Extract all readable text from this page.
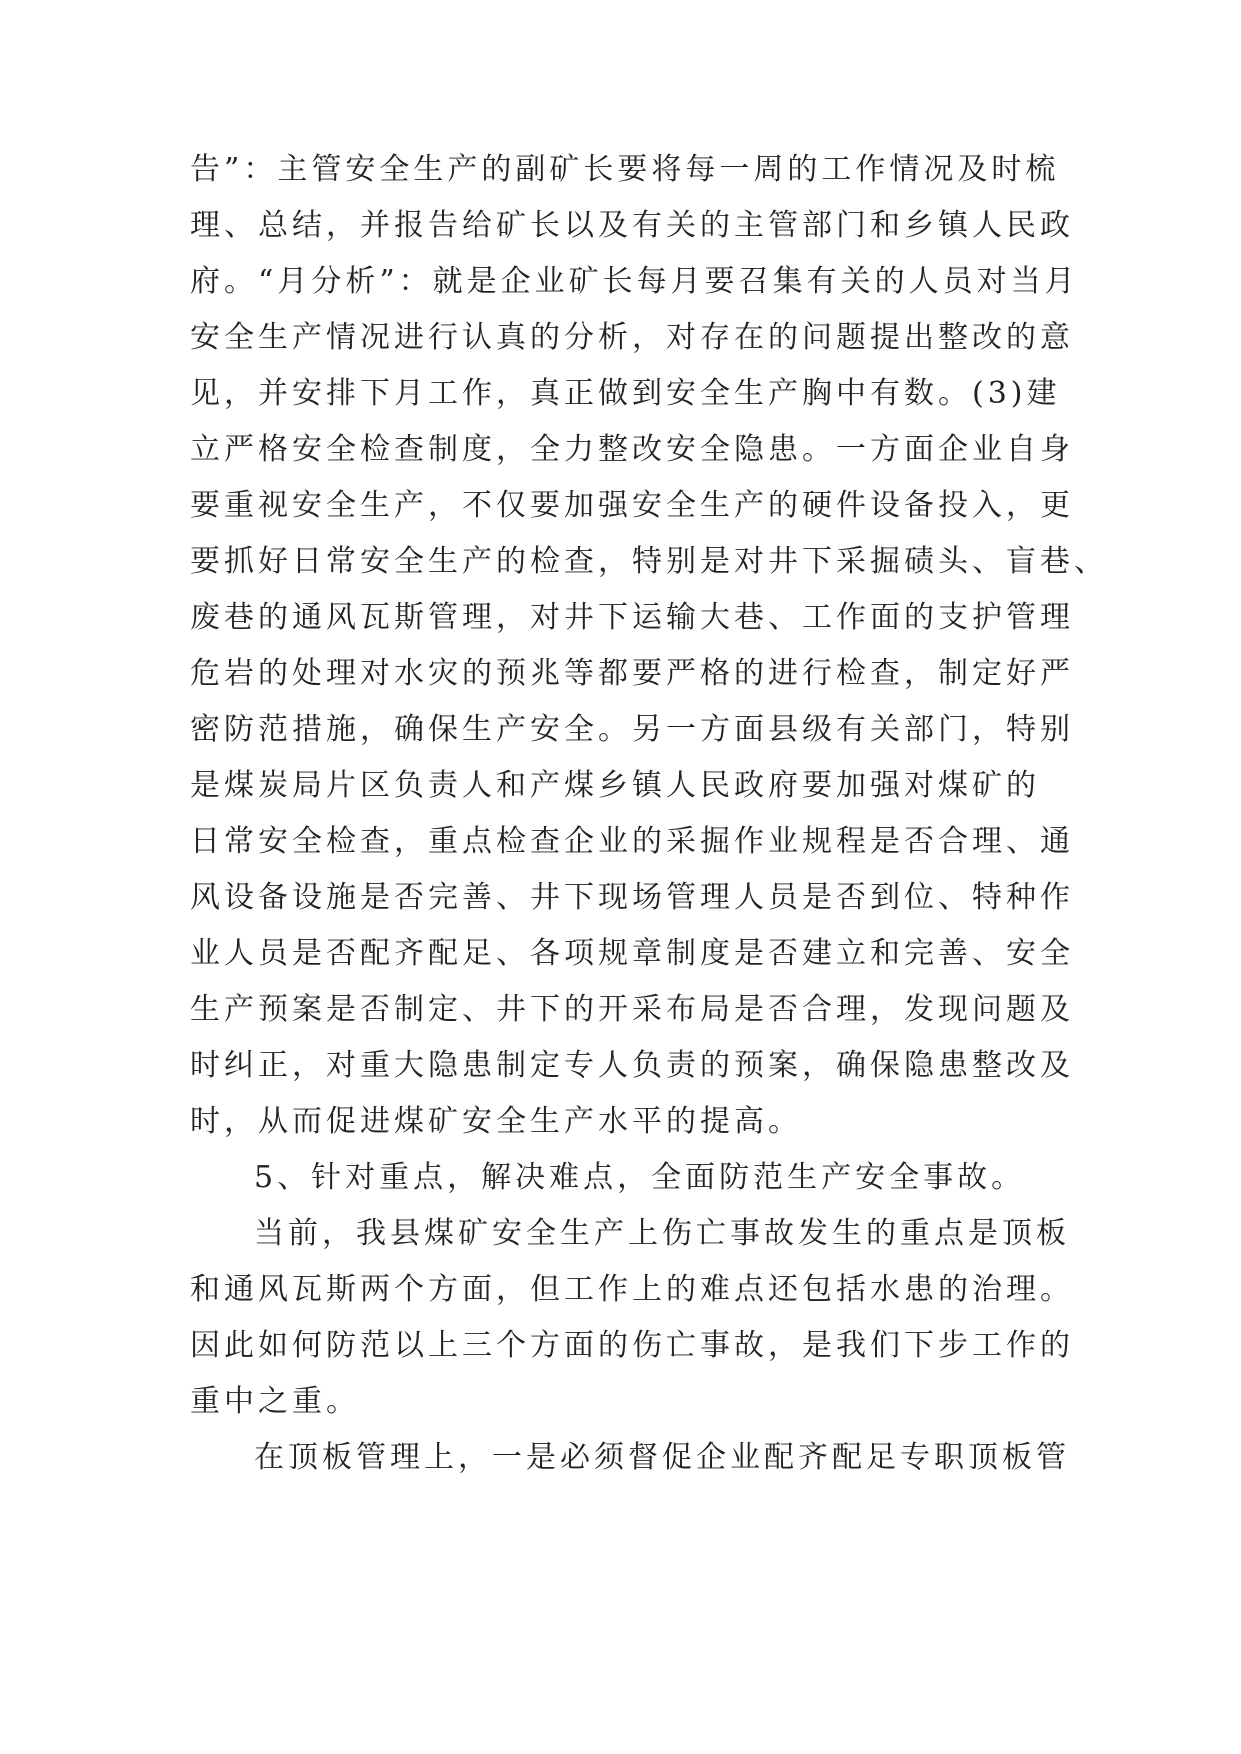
告”：主管安全生产的副矿长要将每一周的工作情况及时梳
理、总结，并报告给矿长以及有关的主管部门和乡镇人民政
府。“月分析”：就是企业矿长每月要召集有关的人员对当月
安全生产情况进行认真的分析，对存在的问题提出整改的意
见，并安排下月工作，真正做到安全生产胸中有数。(3)建
立严格安全检查制度，全力整改安全隐患。一方面企业自身
要重视安全生产，不仅要加强安全生产的硬件设备投入，更
要抓好日常安全生产的检查，特别是对井下采掘碛头、盲巷、
废巷的通风瓦斯管理，对井下运输大巷、工作面的支护管理
危岩的处理对水灾的预兆等都要严格的进行检查，制定好严
密防范措施，确保生产安全。另一方面县级有关部门，特别
是煤炭局片区负责人和产煤乡镇人民政府要加强对煤矿的
日常安全检查，重点检查企业的采掘作业规程是否合理、通
风设备设施是否完善、井下现场管理人员是否到位、特种作
业人员是否配齐配足、各项规章制度是否建立和完善、安全
生产预案是否制定、井下的开采布局是否合理，发现问题及
时纠正，对重大隐患制定专人负责的预案，确保隐患整改及
时，从而促进煤矿安全生产水平的提高。
5、针对重点，解决难点，全面防范生产安全事故。
当前，我县煤矿安全生产上伤亡事故发生的重点是顶板
和通风瓦斯两个方面，但工作上的难点还包括水患的治理。
因此如何防范以上三个方面的伤亡事故，是我们下步工作的
重中之重。
在顶板管理上，一是必须督促企业配齐配足专职顶板管
